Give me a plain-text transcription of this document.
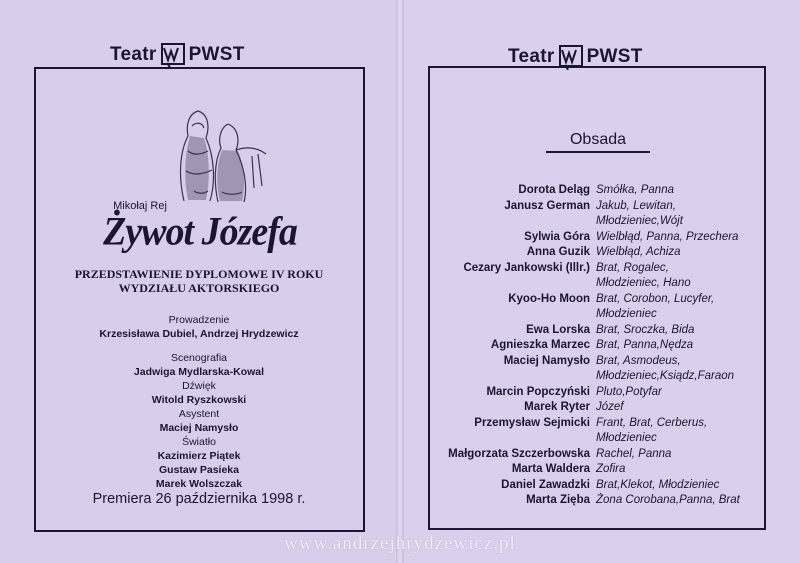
Teatr PWST
Mikołaj Rej
Żywot Józefa
PRZEDSTAWIENIE DYPLOMOWE IV ROKU
WYDZIAŁU AKTORSKIEGO
Prowadzenie
Krzesisława Dubiel, Andrzej Hrydzewicz
Scenografia
Jadwiga Mydlarska-Kowal
Dźwięk
Witold Ryszkowski
Asystent
Maciej Namysło
Światło
Kazimierz Piątek
Gustaw Pasieka
Marek Wolszczak
Premiera 26 października 1998 r.
Teatr PWST
Obsada
Dorota Deląg
Janusz German
Sylwia Góra
Anna Guzik
Cezary Jankowski (Illr.)
Kyoo-Ho Moon
Ewa Lorska
Agnieszka Marzec
Maciej Namysło
Marcin Popczyński
Marek Ryter
Przemysław Sejmicki
Małgorzata Szczerbowska
Marta Waldera
Daniel Zawadzki
Marta Zięba
Smółka, Panna
Jakub, Lewitan,
Młodzieniec,Wójt
Wielbłąd, Panna, Przechera
Wielbłąd, Achiza
Brat, Rogalec,
Młodzieniec, Hano
Brat, Corobon, Lucyfer,
Młodzieniec
Brat, Sroczka, Bida
Brat, Panna,Nędza
Brat, Asmodeus,
Młodzieniec,Ksiądz,Faraon
Pluto,Potyfar
Józef
Frant, Brat, Cerberus,
Młodzieniec
Rachel, Panna
Zofira
Brat,Klekot, Młodzieniec
Żona Corobana,Panna, Brat
www.andrzejhrydzewicz.pl
